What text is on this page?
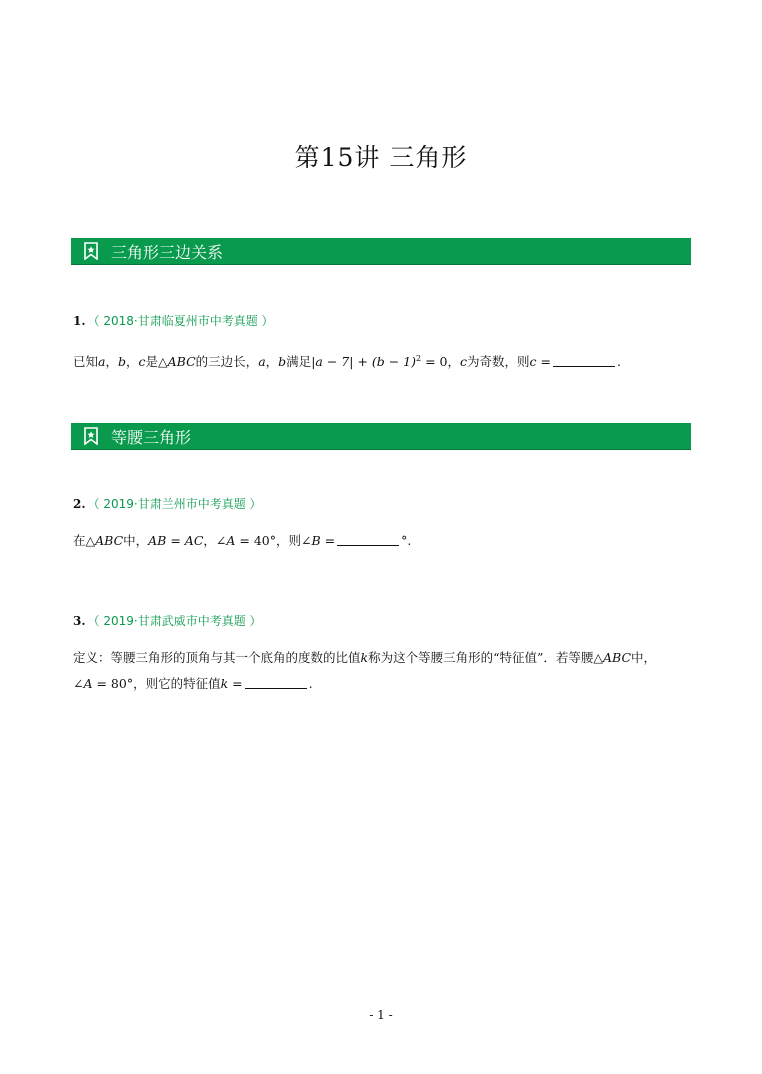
第15讲 三角形
三角形三边关系
1. （ 2018·甘肃临夏州市中考真题 ）
已知a，b，c是△ABC的三边长，a，b满足$|a - 7| + (b - 1)^2 = 0$，c为奇数，则c =	.
等腰三角形
2. （ 2019·甘肃兰州市中考真题 ）
在△ABC中，AB = AC，∠A = 40°，则∠B =	°.
3. （ 2019·甘肃武威市中考真题 ）
定义：等腰三角形的顶角与其一个底角的度数的比值k称为这个等腰三角形的“特征值”．若等腰△ABC中，
∠A = 80°，则它的特征值k =	.
- 1 -
